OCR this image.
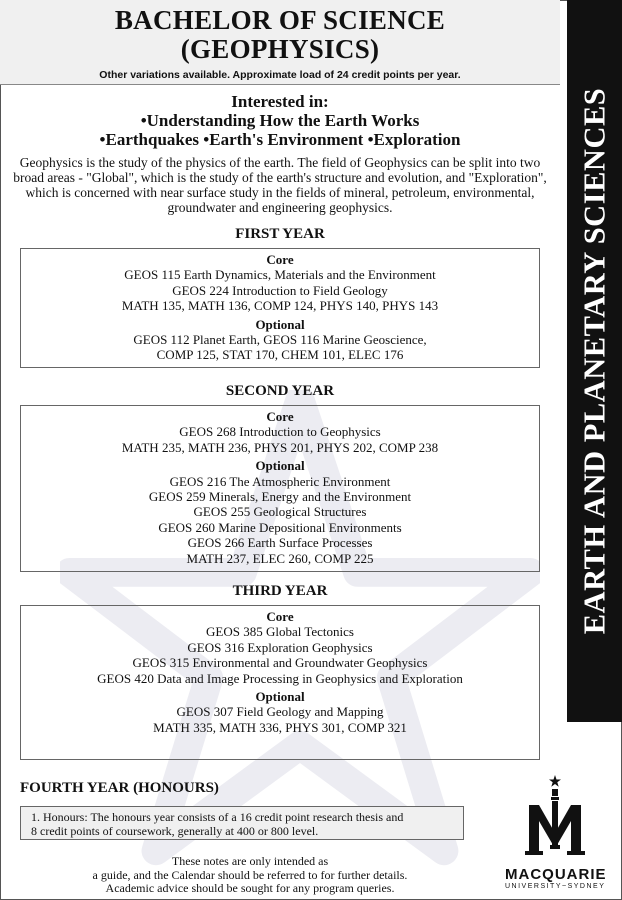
BACHELOR OF SCIENCE
(GEOPHYSICS)
Other variations available. Approximate load of 24 credit points per year.
EARTH AND PLANETARY SCIENCES
Interested in:
•Understanding How the Earth Works
•Earthquakes •Earth's Environment •Exploration

Geophysics is the study of the physics of the earth. The field of Geophysics can be split into two broad areas - "Global", which is the study of the earth's structure and evolution, and "Exploration", which is concerned with near surface study in the fields of mineral, petroleum, environmental, groundwater and engineering geophysics.

FIRST YEAR
Core
GEOS 115 Earth Dynamics, Materials and the Environment
GEOS 224 Introduction to Field Geology
MATH 135, MATH 136, COMP 124, PHYS 140, PHYS 143
Optional
GEOS 112 Planet Earth, GEOS 116 Marine Geoscience,
COMP 125, STAT 170, CHEM 101, ELEC 176
SECOND YEAR
Core
GEOS 268 Introduction to Geophysics
MATH 235, MATH 236, PHYS 201, PHYS 202, COMP 238
Optional
GEOS 216 The Atmospheric Environment
GEOS 259 Minerals, Energy and the Environment
GEOS 255 Geological Structures
GEOS 260 Marine Depositional Environments
GEOS 266 Earth Surface Processes
MATH 237, ELEC 260, COMP 225
THIRD YEAR
Core
GEOS 385 Global Tectonics
GEOS 316 Exploration Geophysics
GEOS 315 Environmental and Groundwater Geophysics
GEOS 420 Data and Image Processing in Geophysics and Exploration
Optional
GEOS 307 Field Geology and Mapping
MATH 335, MATH 336, PHYS 301, COMP 321
FOURTH YEAR (HONOURS)
1. Honours: The honours year consists of a 16 credit point research thesis and
8 credit points of coursework, generally at 400 or 800 level.
These notes are only intended as
a guide, and the Calendar should be referred to for further details.
Academic advice should be sought for any program queries.
MACQUARIE
UNIVERSITY~SYDNEY
